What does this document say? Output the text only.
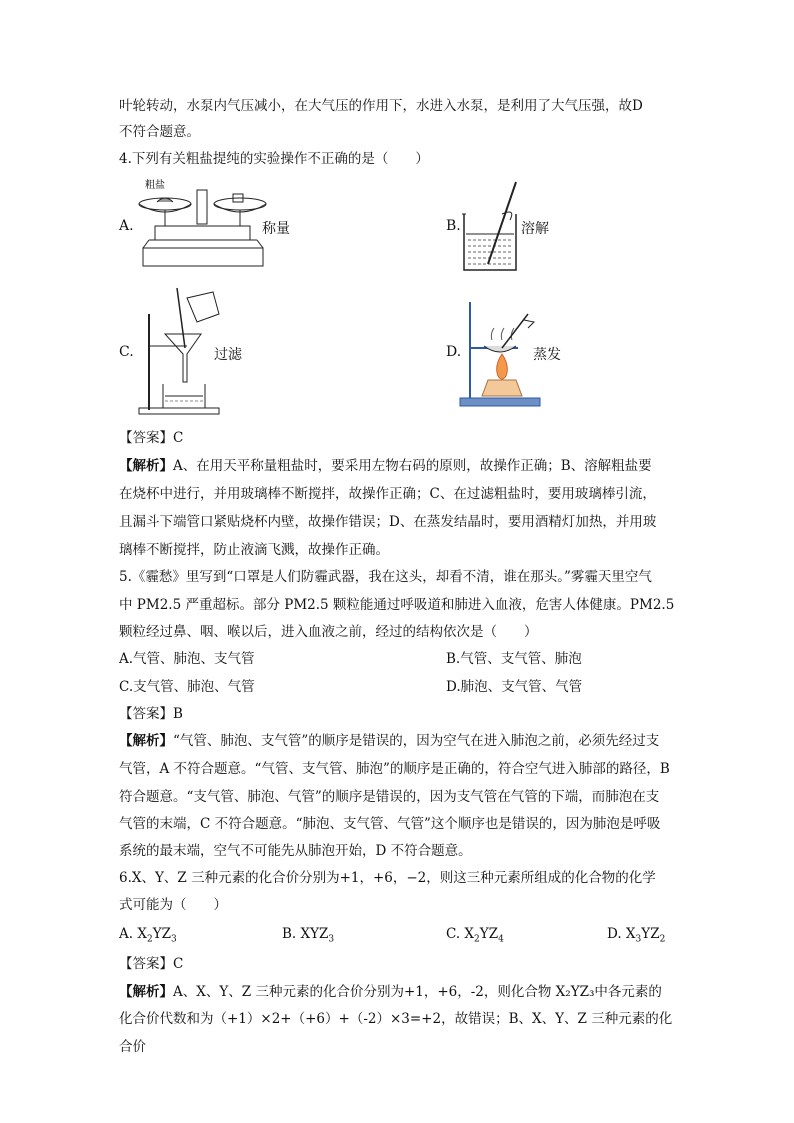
叶轮转动，水泵内气压减小，在大气压的作用下，水进入水泵，是利用了大气压强，故D

不符合题意。

4.下列有关粗盐提纯的实验操作不正确的是（　　）

A.
粗盐
称量	B.	溶解
C.	过滤	D.	蒸发

【答案】C

【解析】A、在用天平称量粗盐时，要采用左物右码的原则，故操作正确；B、溶解粗盐要

在烧杯中进行，并用玻璃棒不断搅拌，故操作正确；C、在过滤粗盐时，要用玻璃棒引流，

且漏斗下端管口紧贴烧杯内壁，故操作错误；D、在蒸发结晶时，要用酒精灯加热，并用玻

璃棒不断搅拌，防止液滴飞溅，故操作正确。

5.《霾愁》里写到“口罩是人们防霾武器，我在这头，却看不清，谁在那头。”雾霾天里空气

中 PM2.5 严重超标。部分 PM2.5 颗粒能通过呼吸道和肺进入血液，危害人体健康。PM2.5

颗粒经过鼻、咽、喉以后，进入血液之前，经过的结构依次是（　　）

A.气管、肺泡、支气管	B.气管、支气管、肺泡
C.支气管、肺泡、气管	D.肺泡、支气管、气管

【答案】B

【解析】“气管、肺泡、支气管”的顺序是错误的，因为空气在进入肺泡之前，必须先经过支

气管，A 不符合题意。“气管、支气管、肺泡”的顺序是正确的，符合空气进入肺部的路径，B

符合题意。“支气管、肺泡、气管”的顺序是错误的，因为支气管在气管的下端，而肺泡在支

气管的末端，C 不符合题意。“肺泡、支气管、气管”这个顺序也是错误的，因为肺泡是呼吸

系统的最末端，空气不可能先从肺泡开始，D 不符合题意。

6.X、Y、Z 三种元素的化合价分别为+1，+6，−2，则这三种元素所组成的化合物的化学

式可能为（　　）

A. $X_2YZ_3$	B. $XYZ_3$	C. $X_2YZ_4$	D. $X_3YZ_2$

【答案】C

【解析】A、X、Y、Z 三种元素的化合价分别为+1，+6，-2，则化合物 X₂YZ₃中各元素的

化合价代数和为（+1）×2+（+6）+（-2）×3=+2，故错误；B、X、Y、Z 三种元素的化合价
